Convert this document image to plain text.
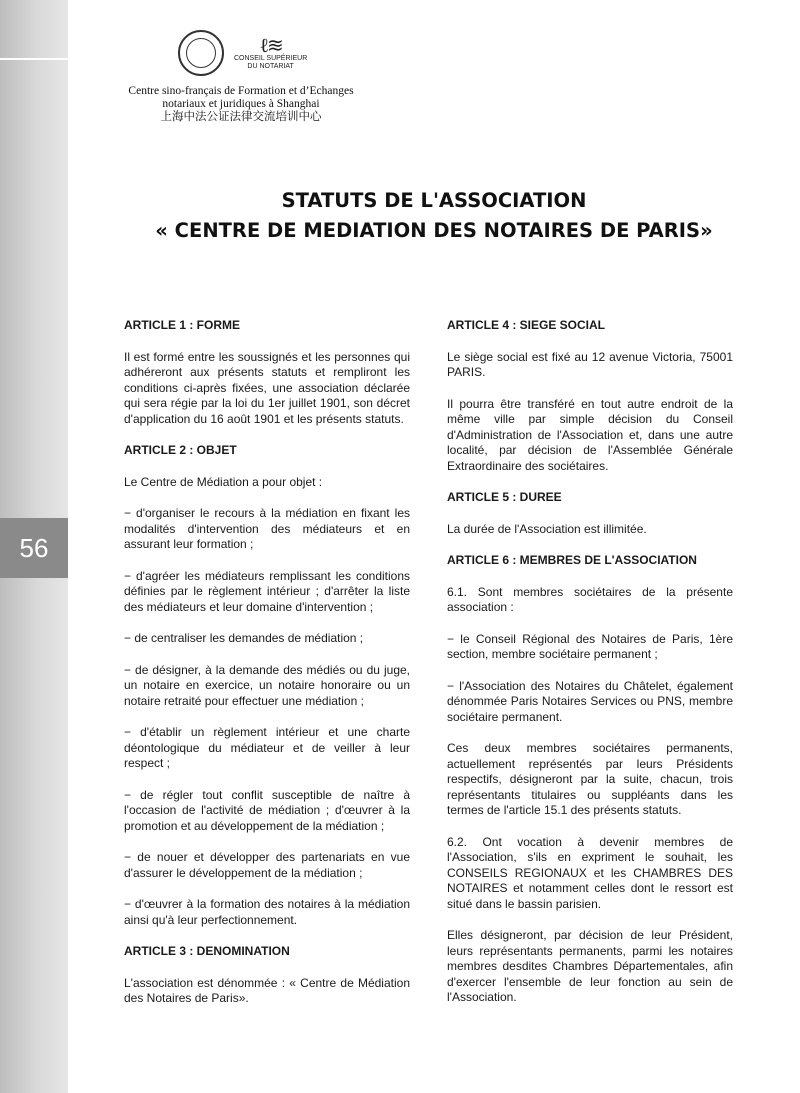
56
ℓ≋
CONSEIL SUPÉRIEUR
DU NOTARIAT
Centre sino-français de Formation et d’Echanges
notariaux et juridiques à Shanghai
上海中法公证法律交流培训中心
STATUTS DE L'ASSOCIATION
« CENTRE DE MEDIATION DES NOTAIRES DE PARIS»
ARTICLE 1 : FORME

Il est formé entre les soussignés et les personnes qui adhéreront aux présents statuts et rempliront les conditions ci-après fixées, une association déclarée qui sera régie par la loi du 1er juillet 1901, son décret d'application du 16 août 1901 et les présents statuts.

ARTICLE 2 : OBJET

Le Centre de Médiation a pour objet :

− d'organiser le recours à la médiation en fixant les modalités d'intervention des médiateurs et en assurant leur formation ;

− d'agréer les médiateurs remplissant les conditions définies par le règlement intérieur ; d'arrêter la liste des médiateurs et leur domaine d'intervention ;

− de centraliser les demandes de médiation ;

− de désigner, à la demande des médiés ou du juge, un notaire en exercice, un notaire honoraire ou un notaire retraité pour effectuer une médiation ;

− d'établir un règlement intérieur et une charte déontologique du médiateur et de veiller à leur respect ;

− de régler tout conflit susceptible de naître à l'occasion de l'activité de médiation ; d'œuvrer à la promotion et au développement de la médiation ;

− de nouer et développer des partenariats en vue d'assurer le développement de la médiation ;

− d'œuvrer à la formation des notaires à la médiation ainsi qu'à leur perfectionnement.

ARTICLE 3 : DENOMINATION

L'association est dénommée : « Centre de Médiation des Notaires de Paris».

ARTICLE 4 : SIEGE SOCIAL

Le siège social est fixé au 12 avenue Victoria, 75001 PARIS.

Il pourra être transféré en tout autre endroit de la même ville par simple décision du Conseil d'Administration de l'Association et, dans une autre localité, par décision de l'Assemblée Générale Extraordinaire des sociétaires.

ARTICLE 5 : DUREE

La durée de l'Association est illimitée.

ARTICLE 6 : MEMBRES DE L'ASSOCIATION

6.1. Sont membres sociétaires de la présente association :

− le Conseil Régional des Notaires de Paris, 1ère section, membre sociétaire permanent ;

− l'Association des Notaires du Châtelet, également dénommée Paris Notaires Services ou PNS, membre sociétaire permanent.

Ces deux membres sociétaires permanents, actuellement représentés par leurs Présidents respectifs, désigneront par la suite, chacun, trois représentants titulaires ou suppléants dans les termes de l'article 15.1 des présents statuts.

6.2. Ont vocation à devenir membres de l'Association, s'ils en expriment le souhait, les CONSEILS REGIONAUX et les CHAMBRES DES NOTAIRES et notamment celles dont le ressort est situé dans le bassin parisien.

Elles désigneront, par décision de leur Président, leurs représentants permanents, parmi les notaires membres desdites Chambres Départementales, afin d'exercer l'ensemble de leur fonction au sein de l'Association.
